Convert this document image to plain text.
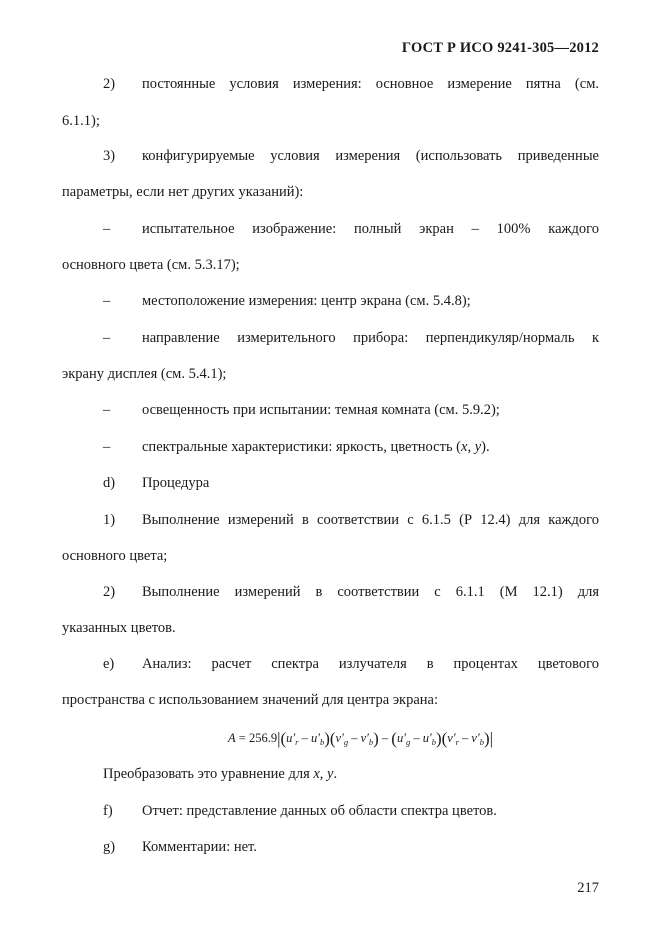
ГОСТ Р ИСО 9241-305—2012
2) постоянные условия измерения: основное измерение пятна (см.
6.1.1);
3) конфигурируемые условия измерения (использовать приведенные
параметры, если нет других указаний):
– испытательное изображение: полный экран – 100% каждого
основного цвета (см. 5.3.17);
– местоположение измерения: центр экрана (см. 5.4.8);
– направление измерительного прибора: перпендикуляр/нормаль к
экрану дисплея (см. 5.4.1);
– освещенность при испытании: темная комната (см. 5.9.2);
– спектральные характеристики: яркость, цветность (x, y).
d) Процедура
1) Выполнение измерений в соответствии с 6.1.5 (Р 12.4) для каждого
основного цвета;
2) Выполнение измерений в соответствии с 6.1.1 (М 12.1) для
указанных цветов.
e) Анализ: расчет спектра излучателя в процентах цветового
пространства с использованием значений для центра экрана:
$A = 256.9|(u'_r - u'_b)(v'_g - v'_b) - (u'_g - u'_b)(v'_r - v'_b)|$
Преобразовать это уравнение для x, y.
f) Отчет: представление данных об области спектра цветов.
g) Комментарии: нет.
217
